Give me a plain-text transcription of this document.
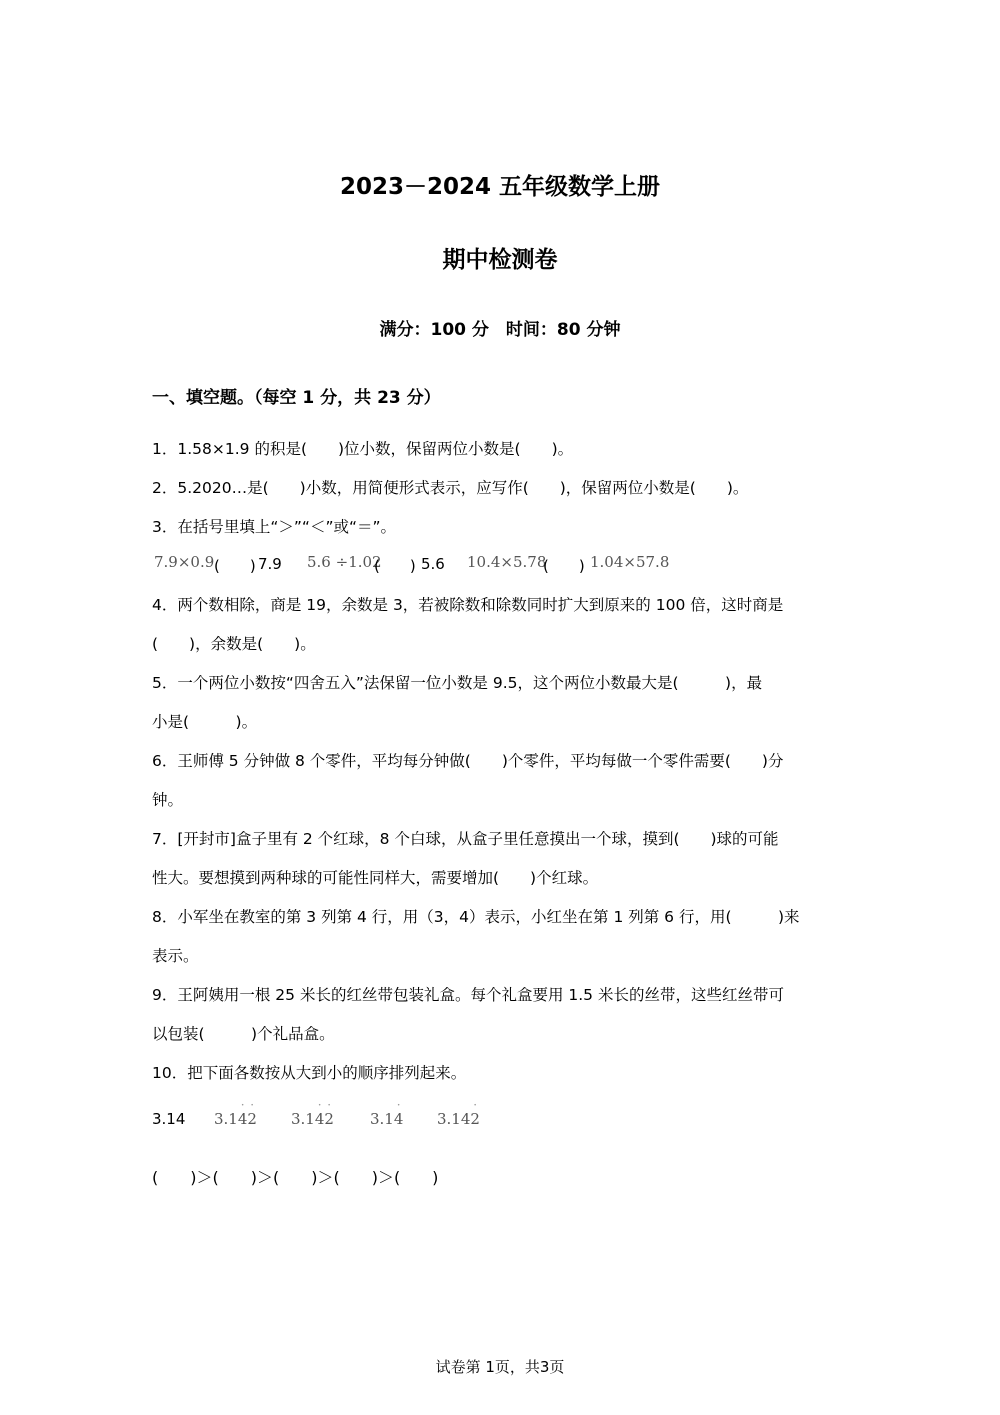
2023－2024 五年级数学上册
期中检测卷
满分：100 分　时间：80 分钟
一、填空题。（每空 1 分，共 23 分）
1．1.58×1.9 的积是(　　)位小数，保留两位小数是(　　)。
2．5.2020…是(　　)小数，用简便形式表示，应写作(　　)，保留两位小数是(　　)。
3．在括号里填上“＞”“＜”或“＝”。
7.9×0.9 (　　) 7.9 5.6 ÷1.02
(　　) 5.6 10.4×5.78
(　　) 1.04×57.8
4．两个数相除，商是 19，余数是 3，若被除数和除数同时扩大到原来的 100 倍，这时商是
(　　)，余数是(　　)。
5．一个两位小数按“四舍五入”法保留一位小数是 9.5，这个两位小数最大是(　　　)，最
小是(　　　)。
6．王师傅 5 分钟做 8 个零件，平均每分钟做(　　)个零件，平均每做一个零件需要(　　)分
钟。
7．[开封市]盒子里有 2 个红球，8 个白球，从盒子里任意摸出一个球，摸到(　　)球的可能
性大。要想摸到两种球的可能性同样大，需要增加(　　)个红球。
8．小军坐在教室的第 3 列第 4 行，用（3，4）表示，小红坐在第 1 列第 6 行，用(　　　)来
表示。
9．王阿姨用一根 25 米长的红丝带包装礼盒。每个礼盒要用 1.5 米长的丝带，这些红丝带可
以包装(　　　)个礼品盒。
10．把下面各数按从大到小的顺序排列起来。
3.14 3.1· 4· 2 3.1· 4· 2 3.1· 4 3.14· 2
(　　)＞(　　)＞(　　)＞(　　)＞(　　)
试卷第 1页，共3页
